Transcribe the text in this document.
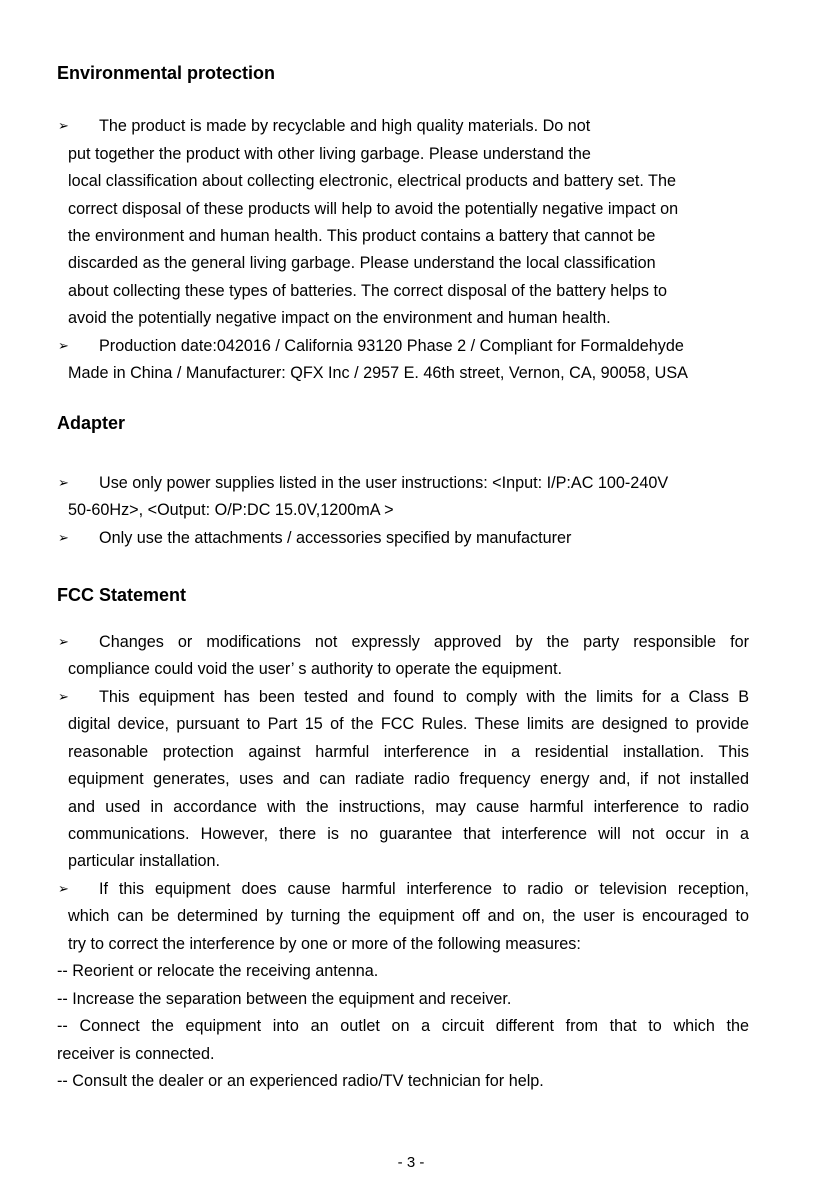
Environmental protection
➢ The product is made by recyclable and high quality materials. Do not
put together the product with other living garbage. Please understand the
local classification about collecting electronic, electrical products and battery set. The
correct disposal of these products will help to avoid the potentially negative impact on
the environment and human health. This product contains a battery that cannot be
discarded as the general living garbage. Please understand the local classification
about collecting these types of batteries. The correct disposal of the battery helps to
avoid the potentially negative impact on the environment and human health.
➢ Production date:042016 / California 93120 Phase 2 / Compliant for Formaldehyde
Made in China / Manufacturer: QFX Inc / 2957 E. 46th street, Vernon, CA, 90058, USA
Adapter
➢ Use only power supplies listed in the user instructions: <Input: I/P:AC 100-240V
50-60Hz>, <Output: O/P:DC 15.0V,1200mA >
➢ Only use the attachments / accessories specified by manufacturer
FCC Statement
➢ Changes or modifications not expressly approved by the party responsible for
compliance could void the user’ s authority to operate the equipment.
➢ This equipment has been tested and found to comply with the limits for a Class B
digital device, pursuant to Part 15 of the FCC Rules. These limits are designed to provide
reasonable protection against harmful interference in a residential installation. This
equipment generates, uses and can radiate radio frequency energy and, if not installed
and used in accordance with the instructions, may cause harmful interference to radio
communications. However, there is no guarantee that interference will not occur in a
particular installation.
➢ If this equipment does cause harmful interference to radio or television reception,
which can be determined by turning the equipment off and on, the user is encouraged to
try to correct the interference by one or more of the following measures:
-- Reorient or relocate the receiving antenna.
-- Increase the separation between the equipment and receiver.
-- Connect the equipment into an outlet on a circuit different from that to which the
receiver is connected.
-- Consult the dealer or an experienced radio/TV technician for help.
- 3 -
